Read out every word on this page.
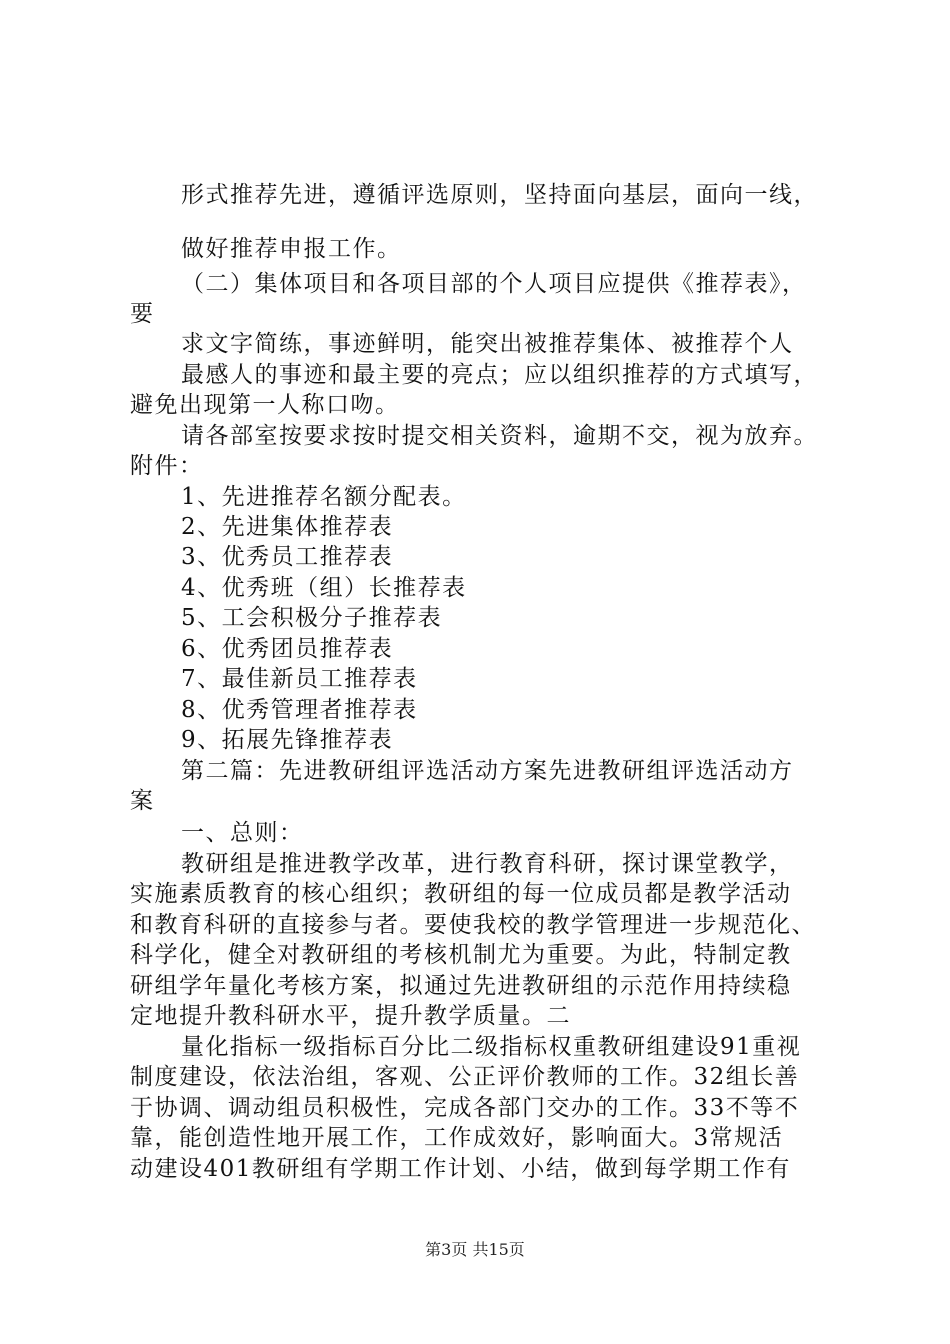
形式推荐先进，遵循评选原则，坚持面向基层，面向一线，
做好推荐申报工作。
（二）集体项目和各项目部的个人项目应提供《推荐表》，
要
求文字简练，事迹鲜明，能突出被推荐集体、被推荐个人
最感人的事迹和最主要的亮点；应以组织推荐的方式填写，
避免出现第一人称口吻。
请各部室按要求按时提交相关资料，逾期不交，视为放弃。
附件：
1、先进推荐名额分配表。
2、先进集体推荐表
3、优秀员工推荐表
4、优秀班（组）长推荐表
5、工会积极分子推荐表
6、优秀团员推荐表
7、最佳新员工推荐表
8、优秀管理者推荐表
9、拓展先锋推荐表
第二篇：先进教研组评选活动方案先进教研组评选活动方
案
一、总则：
教研组是推进教学改革，进行教育科研，探讨课堂教学，
实施素质教育的核心组织；教研组的每一位成员都是教学活动
和教育科研的直接参与者。要使我校的教学管理进一步规范化、
科学化，健全对教研组的考核机制尤为重要。为此，特制定教
研组学年量化考核方案，拟通过先进教研组的示范作用持续稳
定地提升教科研水平，提升教学质量。二
量化指标一级指标百分比二级指标权重教研组建设91重视
制度建设，依法治组，客观、公正评价教师的工作。32组长善
于协调、调动组员积极性，完成各部门交办的工作。33不等不
靠，能创造性地开展工作，工作成效好，影响面大。3常规活
动建设401教研组有学期工作计划、小结，做到每学期工作有
第3页 共15页
